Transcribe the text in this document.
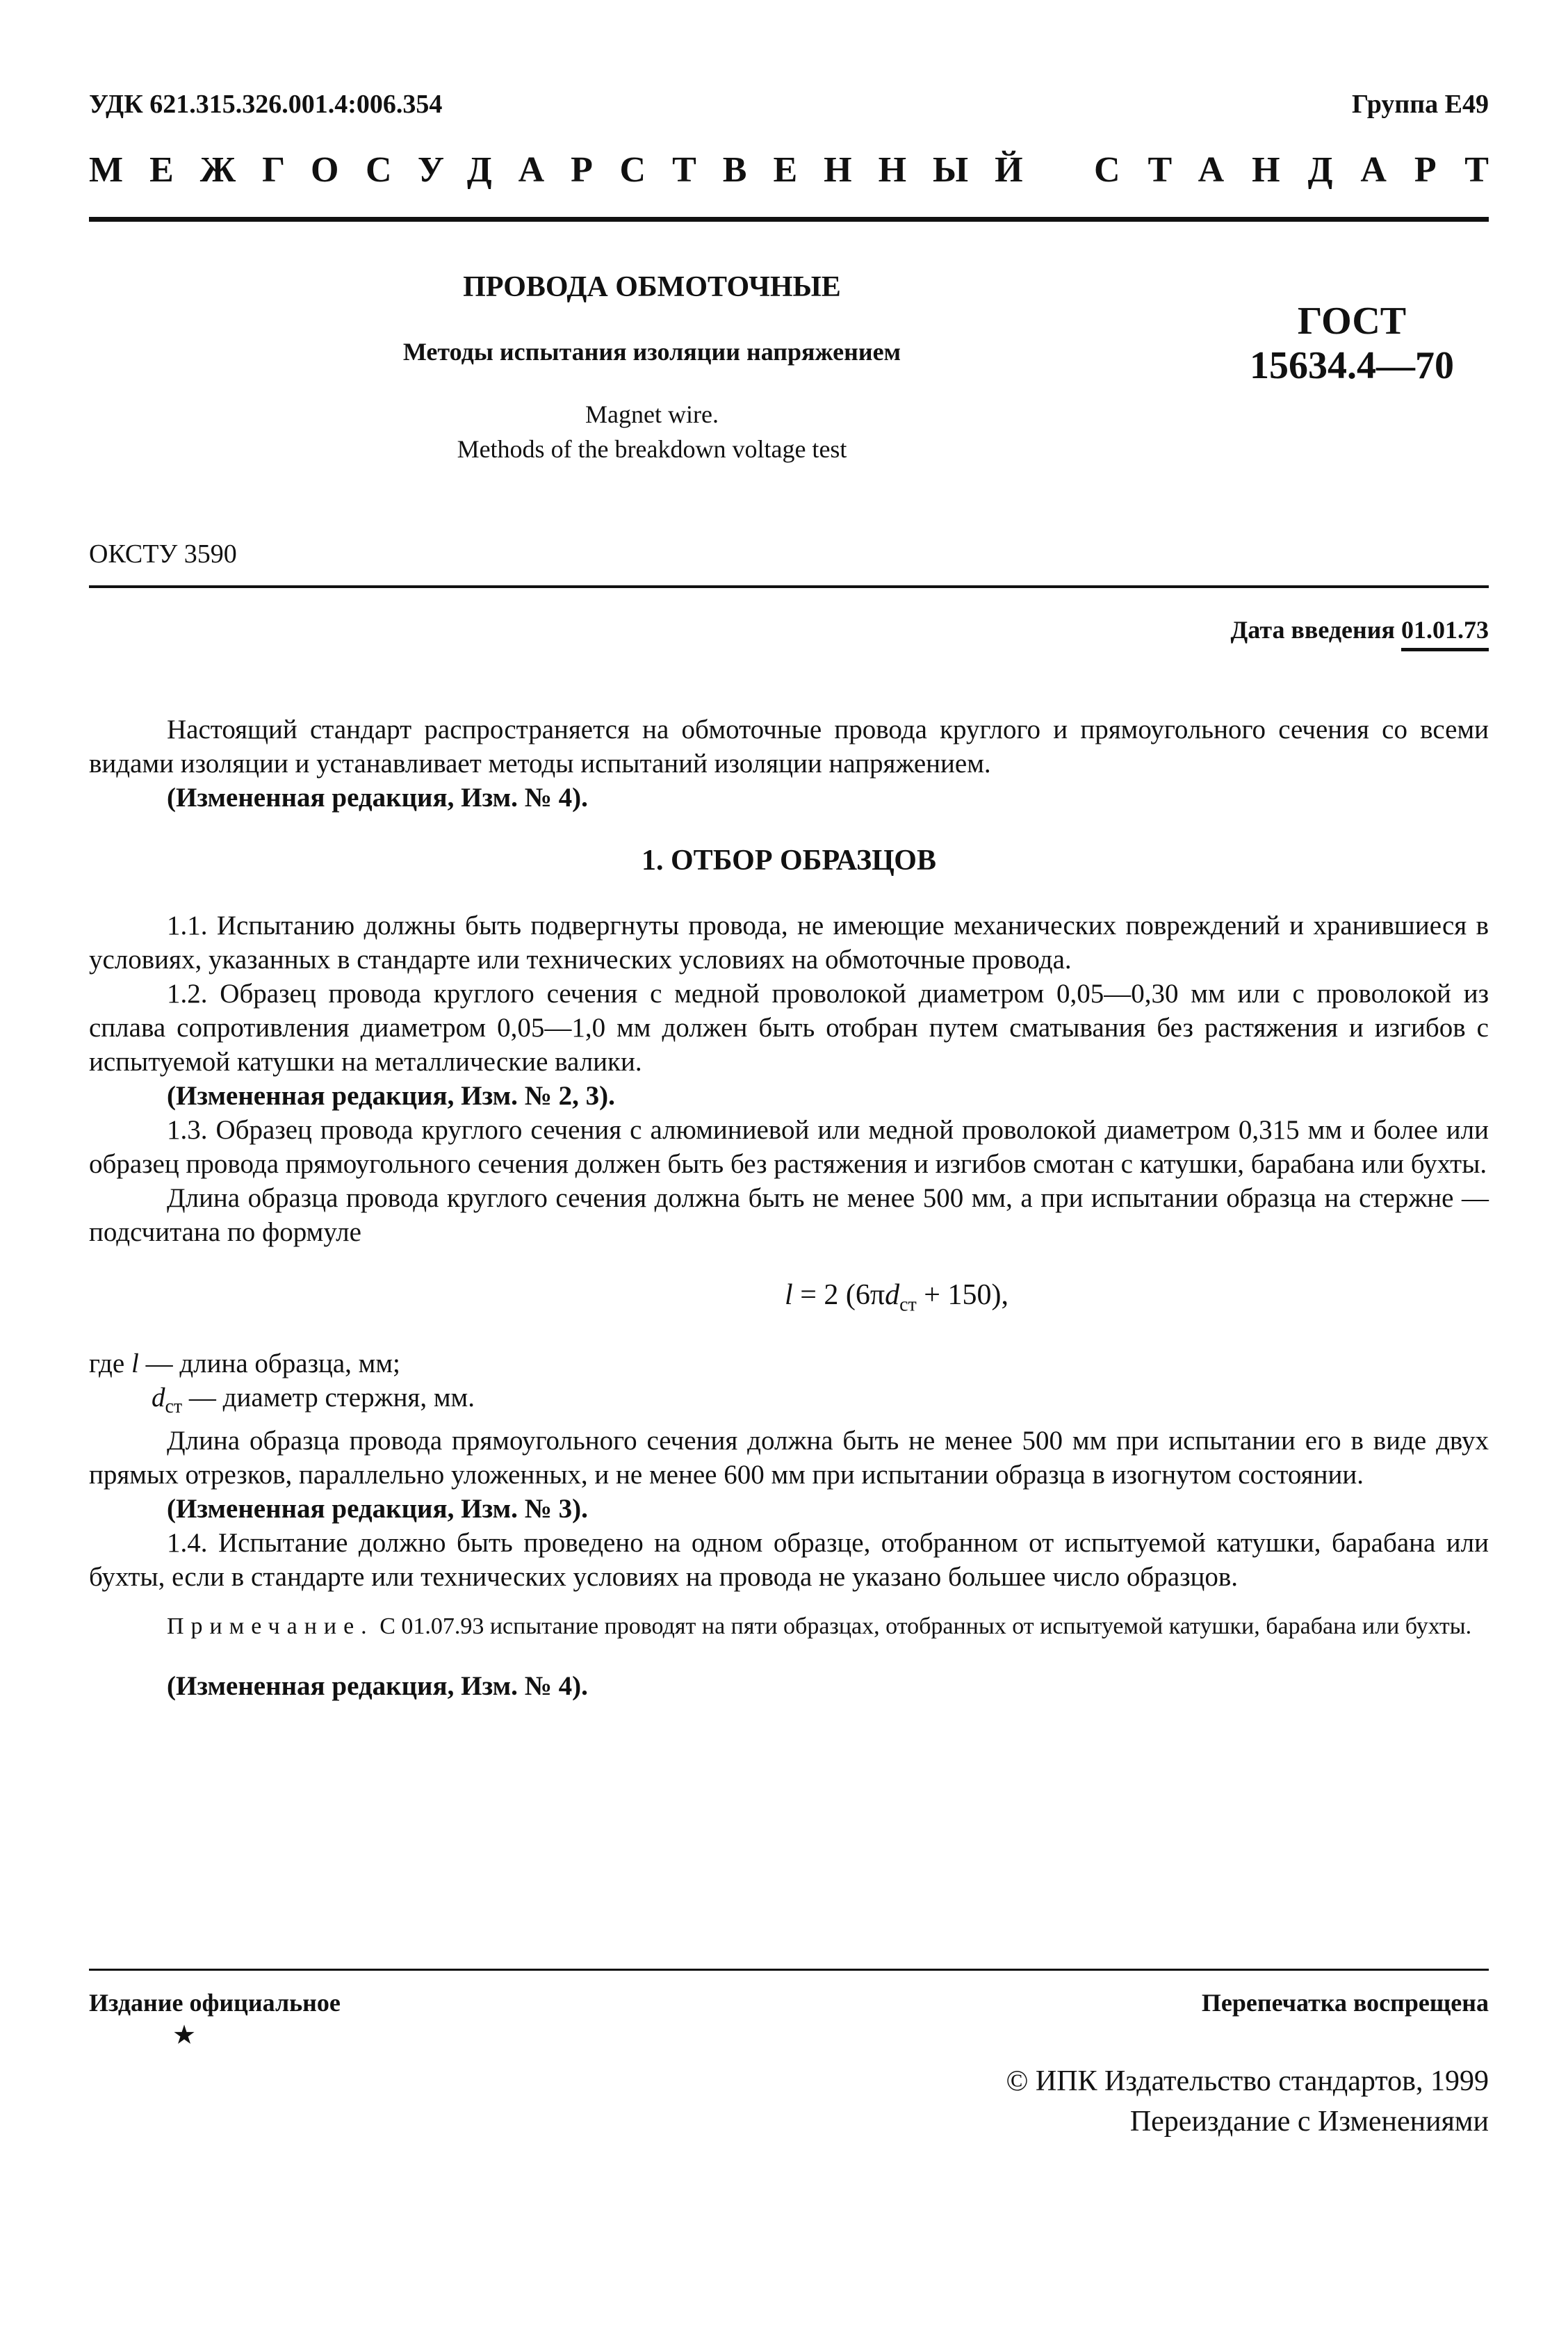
УДК 621.315.326.001.4:006.354	Группа Е49
МЕЖГОСУДАРСТВЕННЫЙ СТАНДАРТ
ПРОВОДА ОБМОТОЧНЫЕ
Методы испытания изоляции напряжением
Magnet wire.
Methods of the breakdown voltage test
ГОСТ
15634.4—70
ОКСТУ 3590
Дата введения 01.01.73

Настоящий стандарт распространяется на обмоточные провода круглого и прямоугольного сечения со всеми видами изоляции и устанавливает методы испытаний изоляции напряжением.

(Измененная редакция, Изм. № 4).

1. ОТБОР ОБРАЗЦОВ

1.1. Испытанию должны быть подвергнуты провода, не имеющие механических повреждений и хранившиеся в условиях, указанных в стандарте или технических условиях на обмоточные провода.

1.2. Образец провода круглого сечения с медной проволокой диаметром 0,05—0,30 мм или с проволокой из сплава сопротивления диаметром 0,05—1,0 мм должен быть отобран путем сматывания без растяжения и изгибов с испытуемой катушки на металлические валики.

(Измененная редакция, Изм. № 2, 3).

1.3. Образец провода круглого сечения с алюминиевой или медной проволокой диаметром 0,315 мм и более или образец провода прямоугольного сечения должен быть без растяжения и изгибов смотан с катушки, барабана или бухты.

Длина образца провода круглого сечения должна быть не менее 500 мм, а при испытании образца на стержне — подсчитана по формуле

l = 2 $(6\pi d_{ст} + 150)$,

где l — длина образца, мм;

$d_{ст}$ — диаметр стержня, мм.

Длина образца провода прямоугольного сечения должна быть не менее 500 мм при испытании его в виде двух прямых отрезков, параллельно уложенных, и не менее 600 мм при испытании образца в изогнутом состоянии.

(Измененная редакция, Изм. № 3).

1.4. Испытание должно быть проведено на одном образце, отобранном от испытуемой катушки, барабана или бухты, если в стандарте или технических условиях на провода не указано большее число образцов.

Примечание. С 01.07.93 испытание проводят на пяти образцах, отобранных от испытуемой катушки, барабана или бухты.

(Измененная редакция, Изм. № 4).

Издание официальное	Перепечатка воспрещена
★
© ИПК Издательство стандартов, 1999
Переиздание с Изменениями
